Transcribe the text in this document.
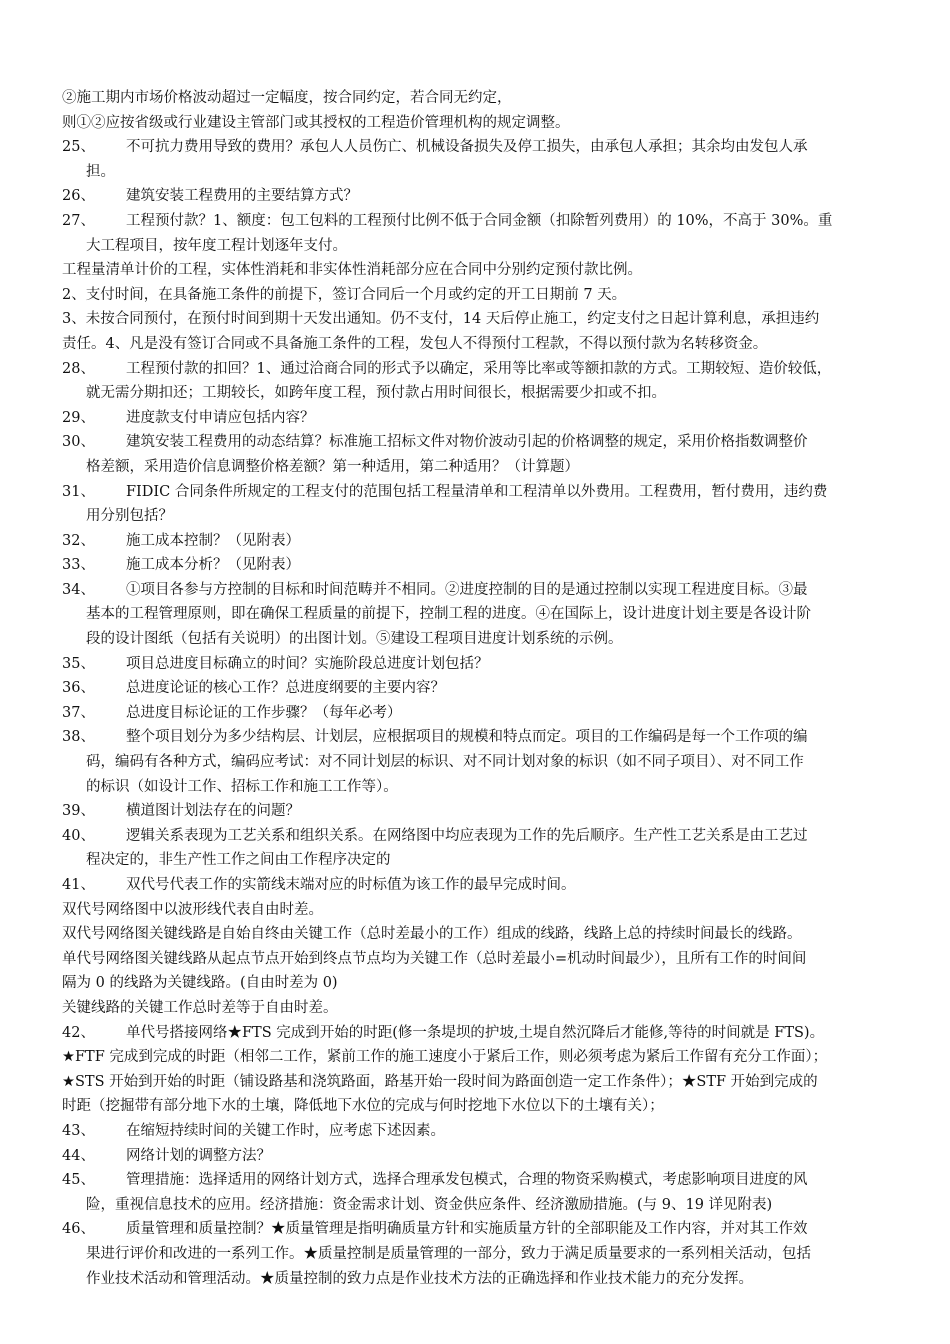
②施工期内市场价格波动超过一定幅度，按合同约定，若合同无约定，

则①②应按省级或行业建设主管部门或其授权的工程造价管理机构的规定调整。

25、	不可抗力费用导致的费用？承包人人员伤亡、机械设备损失及停工损失，由承包人承担；其余均由发包人承
担。
26、	建筑安装工程费用的主要结算方式？
27、	工程预付款？1、额度：包工包料的工程预付比例不低于合同金额（扣除暂列费用）的 10%，不高于 30%。重
大工程项目，按年度工程计划逐年支付。

工程量清单计价的工程，实体性消耗和非实体性消耗部分应在合同中分别约定预付款比例。

2、支付时间，在具备施工条件的前提下，签订合同后一个月或约定的开工日期前 7 天。

3、未按合同预付，在预付时间到期十天发出通知。仍不支付，14 天后停止施工，约定支付之日起计算利息，承担违约

责任。4、凡是没有签订合同或不具备施工条件的工程，发包人不得预付工程款，不得以预付款为名转移资金。

28、	工程预付款的扣回？1、通过洽商合同的形式予以确定，采用等比率或等额扣款的方式。工期较短、造价较低，
就无需分期扣还；工期较长，如跨年度工程，预付款占用时间很长，根据需要少扣或不扣。
29、	进度款支付申请应包括内容？
30、	建筑安装工程费用的动态结算？标准施工招标文件对物价波动引起的价格调整的规定，采用价格指数调整价
格差额，采用造价信息调整价格差额？第一种适用，第二种适用？（计算题）
31、	FIDIC 合同条件所规定的工程支付的范围包括工程量清单和工程清单以外费用。工程费用，暂付费用，违约费
用分别包括？
32、	施工成本控制？（见附表）
33、	施工成本分析？（见附表）
34、	①项目各参与方控制的目标和时间范畴并不相同。②进度控制的目的是通过控制以实现工程进度目标。③最
基本的工程管理原则，即在确保工程质量的前提下，控制工程的进度。④在国际上，设计进度计划主要是各设计阶
段的设计图纸（包括有关说明）的出图计划。⑤建设工程项目进度计划系统的示例。
35、	项目总进度目标确立的时间？实施阶段总进度计划包括？
36、	总进度论证的核心工作？总进度纲要的主要内容？
37、	总进度目标论证的工作步骤？（每年必考）
38、	整个项目划分为多少结构层、计划层，应根据项目的规模和特点而定。项目的工作编码是每一个工作项的编
码，编码有各种方式，编码应考试：对不同计划层的标识、对不同计划对象的标识（如不同子项目）、对不同工作
的标识（如设计工作、招标工作和施工工作等）。
39、	横道图计划法存在的问题？
40、	逻辑关系表现为工艺关系和组织关系。在网络图中均应表现为工作的先后顺序。生产性工艺关系是由工艺过
程决定的，非生产性工作之间由工作程序决定的
41、	双代号代表工作的实箭线末端对应的时标值为该工作的最早完成时间。

双代号网络图中以波形线代表自由时差。

双代号网络图关键线路是自始自终由关键工作（总时差最小的工作）组成的线路，线路上总的持续时间最长的线路。

单代号网络图关键线路从起点节点开始到终点节点均为关键工作（总时差最小=机动时间最少），且所有工作的时间间

隔为 0 的线路为关键线路。(自由时差为 0)

关键线路的关键工作总时差等于自由时差。

42、	单代号搭接网络★FTS 完成到开始的时距(修一条堤坝的护坡,土堤自然沉降后才能修,等待的时间就是 FTS)。

★FTF 完成到完成的时距（相邻二工作，紧前工作的施工速度小于紧后工作，则必须考虑为紧后工作留有充分工作面）；

★STS 开始到开始的时距（铺设路基和浇筑路面，路基开始一段时间为路面创造一定工作条件）；★STF 开始到完成的

时距（挖掘带有部分地下水的土壤，降低地下水位的完成与何时挖地下水位以下的土壤有关）；

43、	在缩短持续时间的关键工作时，应考虑下述因素。
44、	网络计划的调整方法？
45、	管理措施：选择适用的网络计划方式，选择合理承发包模式，合理的物资采购模式，考虑影响项目进度的风
险，重视信息技术的应用。经济措施：资金需求计划、资金供应条件、经济激励措施。(与 9、19 详见附表)
46、	质量管理和质量控制？★质量管理是指明确质量方针和实施质量方针的全部职能及工作内容，并对其工作效
果进行评价和改进的一系列工作。★质量控制是质量管理的一部分，致力于满足质量要求的一系列相关活动，包括
作业技术活动和管理活动。★质量控制的致力点是作业技术方法的正确选择和作业技术能力的充分发挥。
